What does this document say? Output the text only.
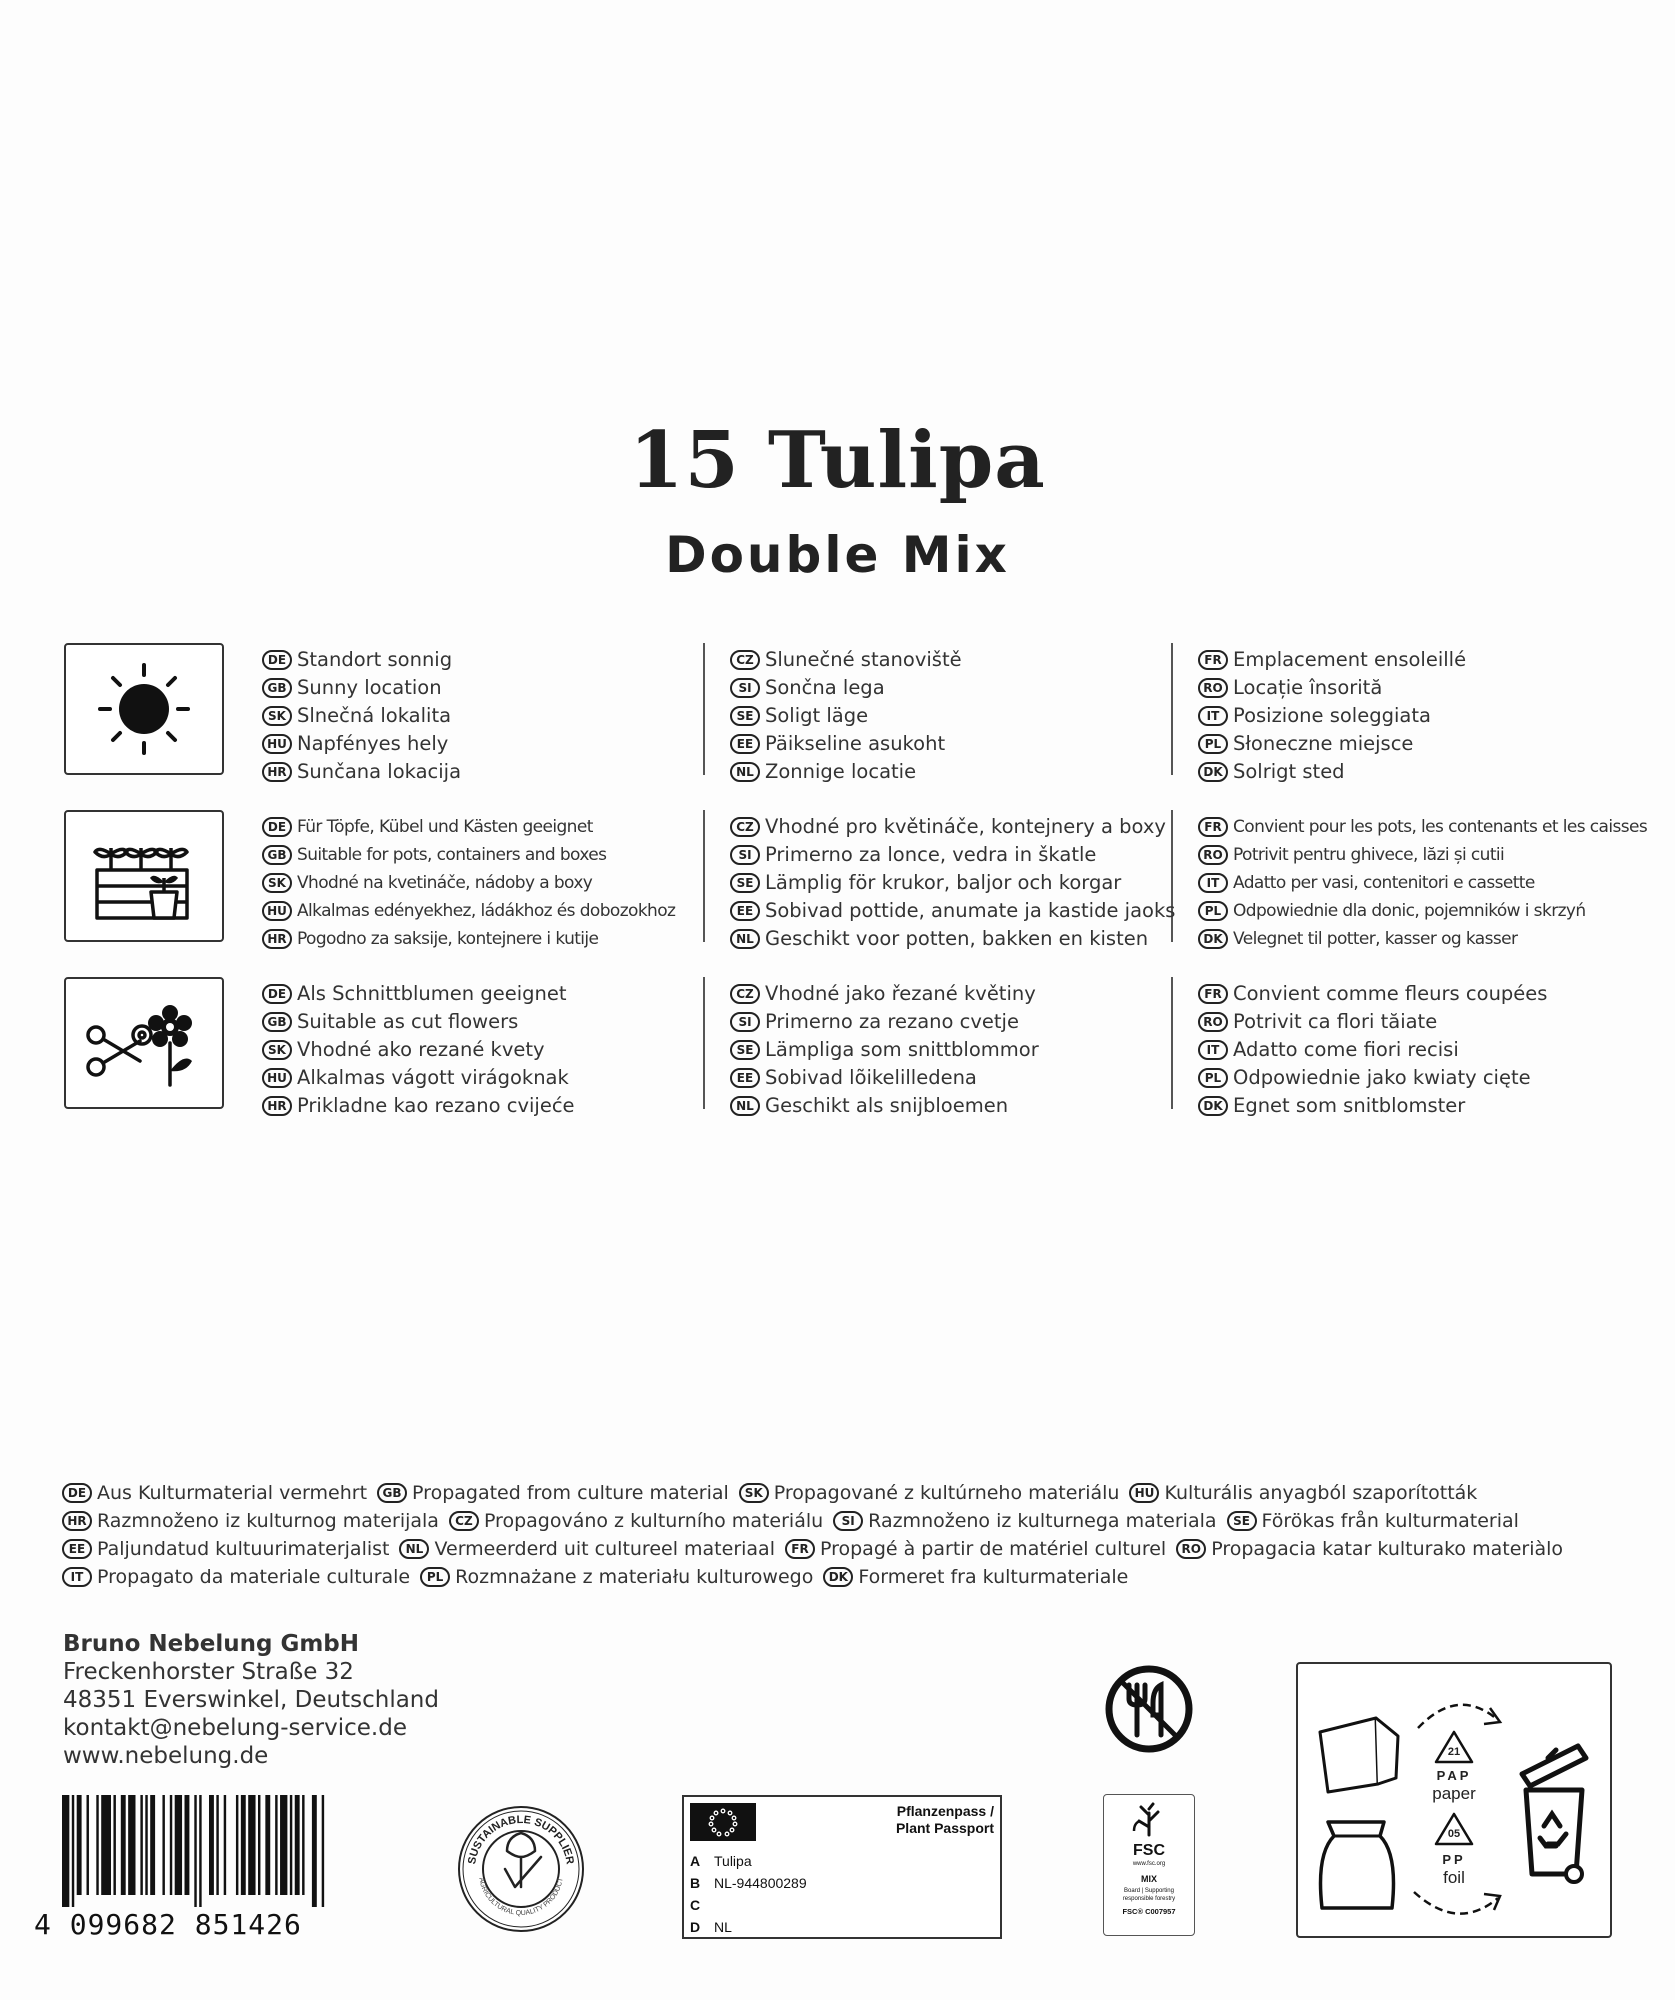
15 Tulipa
Double Mix
DE Standort sonnig
GB Sunny location
SK Slnečná lokalita
HU Napfényes hely
HR Sunčana lokacija
CZ Slunečné stanoviště
SI Sončna lega
SE Soligt läge
EE Päikseline asukoht
NL Zonnige locatie
FR Emplacement ensoleillé
RO Locație însorită
IT Posizione soleggiata
PL Słoneczne miejsce
DK Solrigt sted
DE Für Töpfe, Kübel und Kästen geeignet
GB Suitable for pots, containers and boxes
SK Vhodné na kvetináče, nádoby a boxy
HU Alkalmas edényekhez, ládákhoz és dobozokhoz
HR Pogodno za saksije, kontejnere i kutije
CZ Vhodné pro květináče, kontejnery a boxy
SI Primerno za lonce, vedra in škatle
SE Lämplig för krukor, baljor och korgar
EE Sobivad pottide, anumate ja kastide jaoks
NL Geschikt voor potten, bakken en kisten
FR Convient pour les pots, les contenants et les caisses
RO Potrivit pentru ghivece, lăzi și cutii
IT Adatto per vasi, contenitori e cassette
PL Odpowiednie dla donic, pojemników i skrzyń
DK Velegnet til potter, kasser og kasser
DE Als Schnittblumen geeignet
GB Suitable as cut flowers
SK Vhodné ako rezané kvety
HU Alkalmas vágott virágoknak
HR Prikladne kao rezano cvijeće
CZ Vhodné jako řezané květiny
SI Primerno za rezano cvetje
SE Lämpliga som snittblommor
EE Sobivad lõikelilledena
NL Geschikt als snijbloemen
FR Convient comme fleurs coupées
RO Potrivit ca flori tăiate
IT Adatto come fiori recisi
PL Odpowiednie jako kwiaty cięte
DK Egnet som snitblomster
DE Aus Kulturmaterial vermehrt	GB Propagated from culture material	SK Propagované z kultúrneho materiálu	HU Kulturális anyagból szaporították
HR Razmnoženo iz kulturnog materijala	CZ Propagováno z kulturního materiálu	SI Razmnoženo iz kulturnega materiala	SE Förökas från kulturmaterial
EE Paljundatud kultuurimaterjalist	NL Vermeerderd uit cultureel materiaal	FR Propagé à partir de matériel culturel	RO Propagacia katar kulturako materiàlo
IT Propagato da materiale culturale	PL Rozmnażane z materiału kulturowego	DK Formeret fra kulturmateriale
Bruno Nebelung GmbH
Freckenhorster Straße 32
48351 Everswinkel, Deutschland
kontakt@nebelung-service.de
www.nebelung.de
4 099682 851426
SUSTAINABLE SUPPLIER
AGRICULTURAL QUALITY PRODUCT
Pflanzenpass /
Plant Passport
A Tulipa
B NL-944800289
C
D NL
FSC
www.fsc.org
MIX
Board | Supporting responsible forestry
FSC® C007957
21
PAP
paper
05
PP
foil
